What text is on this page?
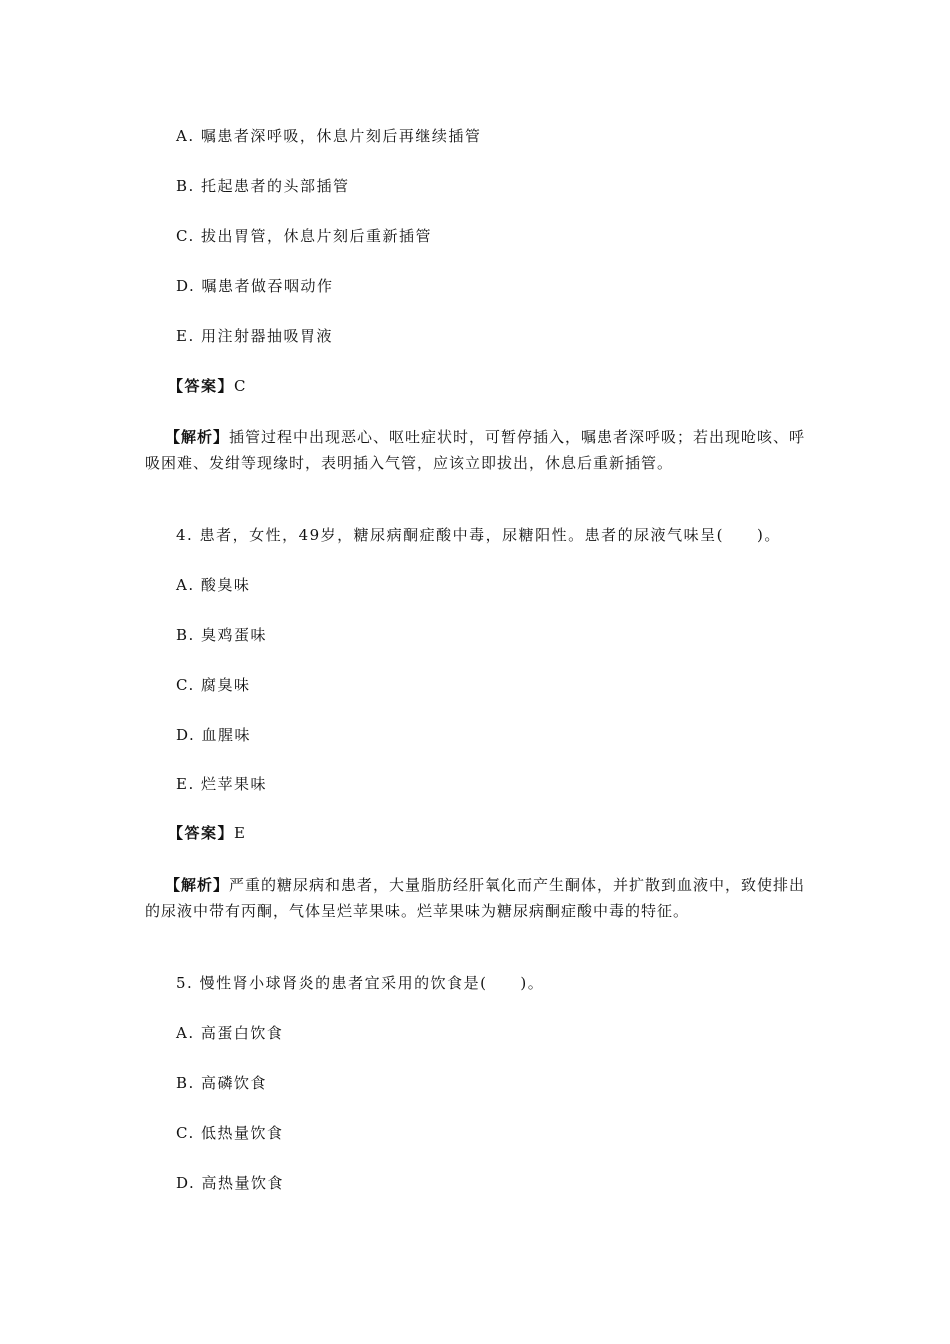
A. 嘱患者深呼吸，休息片刻后再继续插管
B. 托起患者的头部插管
C. 拔出胃管，休息片刻后重新插管
D. 嘱患者做吞咽动作
E. 用注射器抽吸胃液
【答案】C
【解析】插管过程中出现恶心、呕吐症状时，可暂停插入，嘱患者深呼吸；若出现呛咳、呼吸困难、发绀等现缘时，表明插入气管，应该立即拔出，休息后重新插管。
4. 患者，女性，49岁，糖尿病酮症酸中毒，尿糖阳性。患者的尿液气味呈(　　)。
A. 酸臭味
B. 臭鸡蛋味
C. 腐臭味
D. 血腥味
E. 烂苹果味
【答案】E
【解析】严重的糖尿病和患者，大量脂肪经肝氧化而产生酮体，并扩散到血液中，致使排出的尿液中带有丙酮，气体呈烂苹果味。烂苹果味为糖尿病酮症酸中毒的特征。
5. 慢性肾小球肾炎的患者宜采用的饮食是(　　)。
A. 高蛋白饮食
B. 高磷饮食
C. 低热量饮食
D. 高热量饮食
